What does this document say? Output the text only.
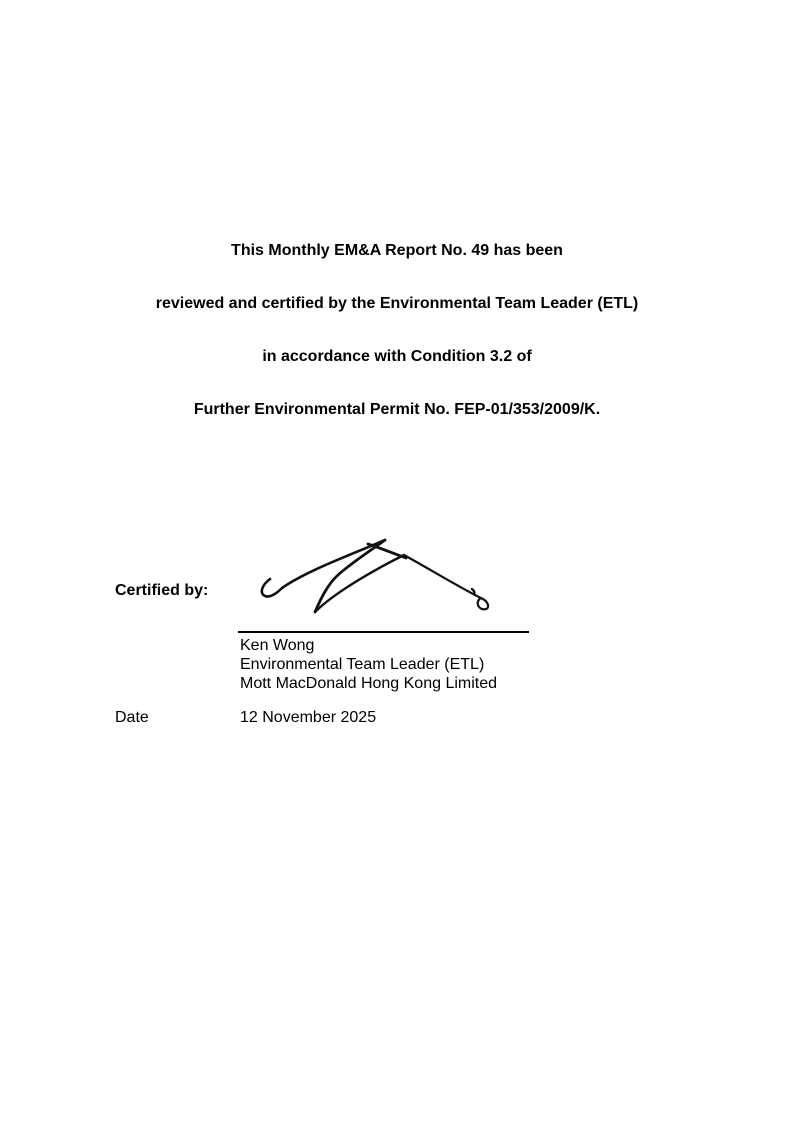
This Monthly EM&A Report No. 49 has been
reviewed and certified by the Environmental Team Leader (ETL)
in accordance with Condition 3.2 of
Further Environmental Permit No. FEP-01/353/2009/K.
Certified by:
Ken Wong
Environmental Team Leader (ETL)
Mott MacDonald Hong Kong Limited
Date	12 November 2025
